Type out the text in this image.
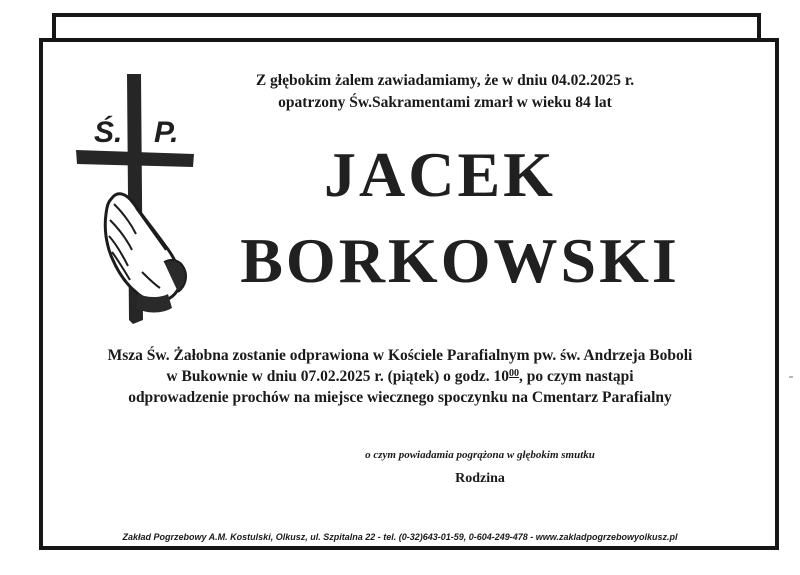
Ś. P.
Z głębokim żalem zawiadamiamy, że w dniu 04.02.2025 r.
opatrzony Św.Sakramentami zmarł w wieku 84 lat
JACEK
BORKOWSKI
Msza Św. Żałobna zostanie odprawiona w Kościele Parafialnym pw. św. Andrzeja Boboli
w Bukownie w dniu 07.02.2025 r. (piątek) o godz. $10^{00}$, po czym nastąpi
odprowadzenie prochów na miejsce wiecznego spoczynku na Cmentarz Parafialny
o czym powiadamia pogrążona w głębokim smutku
Rodzina
Zakład Pogrzebowy A.M. Kostulski, Olkusz, ul. Szpitalna 22 - tel. (0-32)643-01-59, 0-604-249-478 - www.zakladpogrzebowyolkusz.pl
